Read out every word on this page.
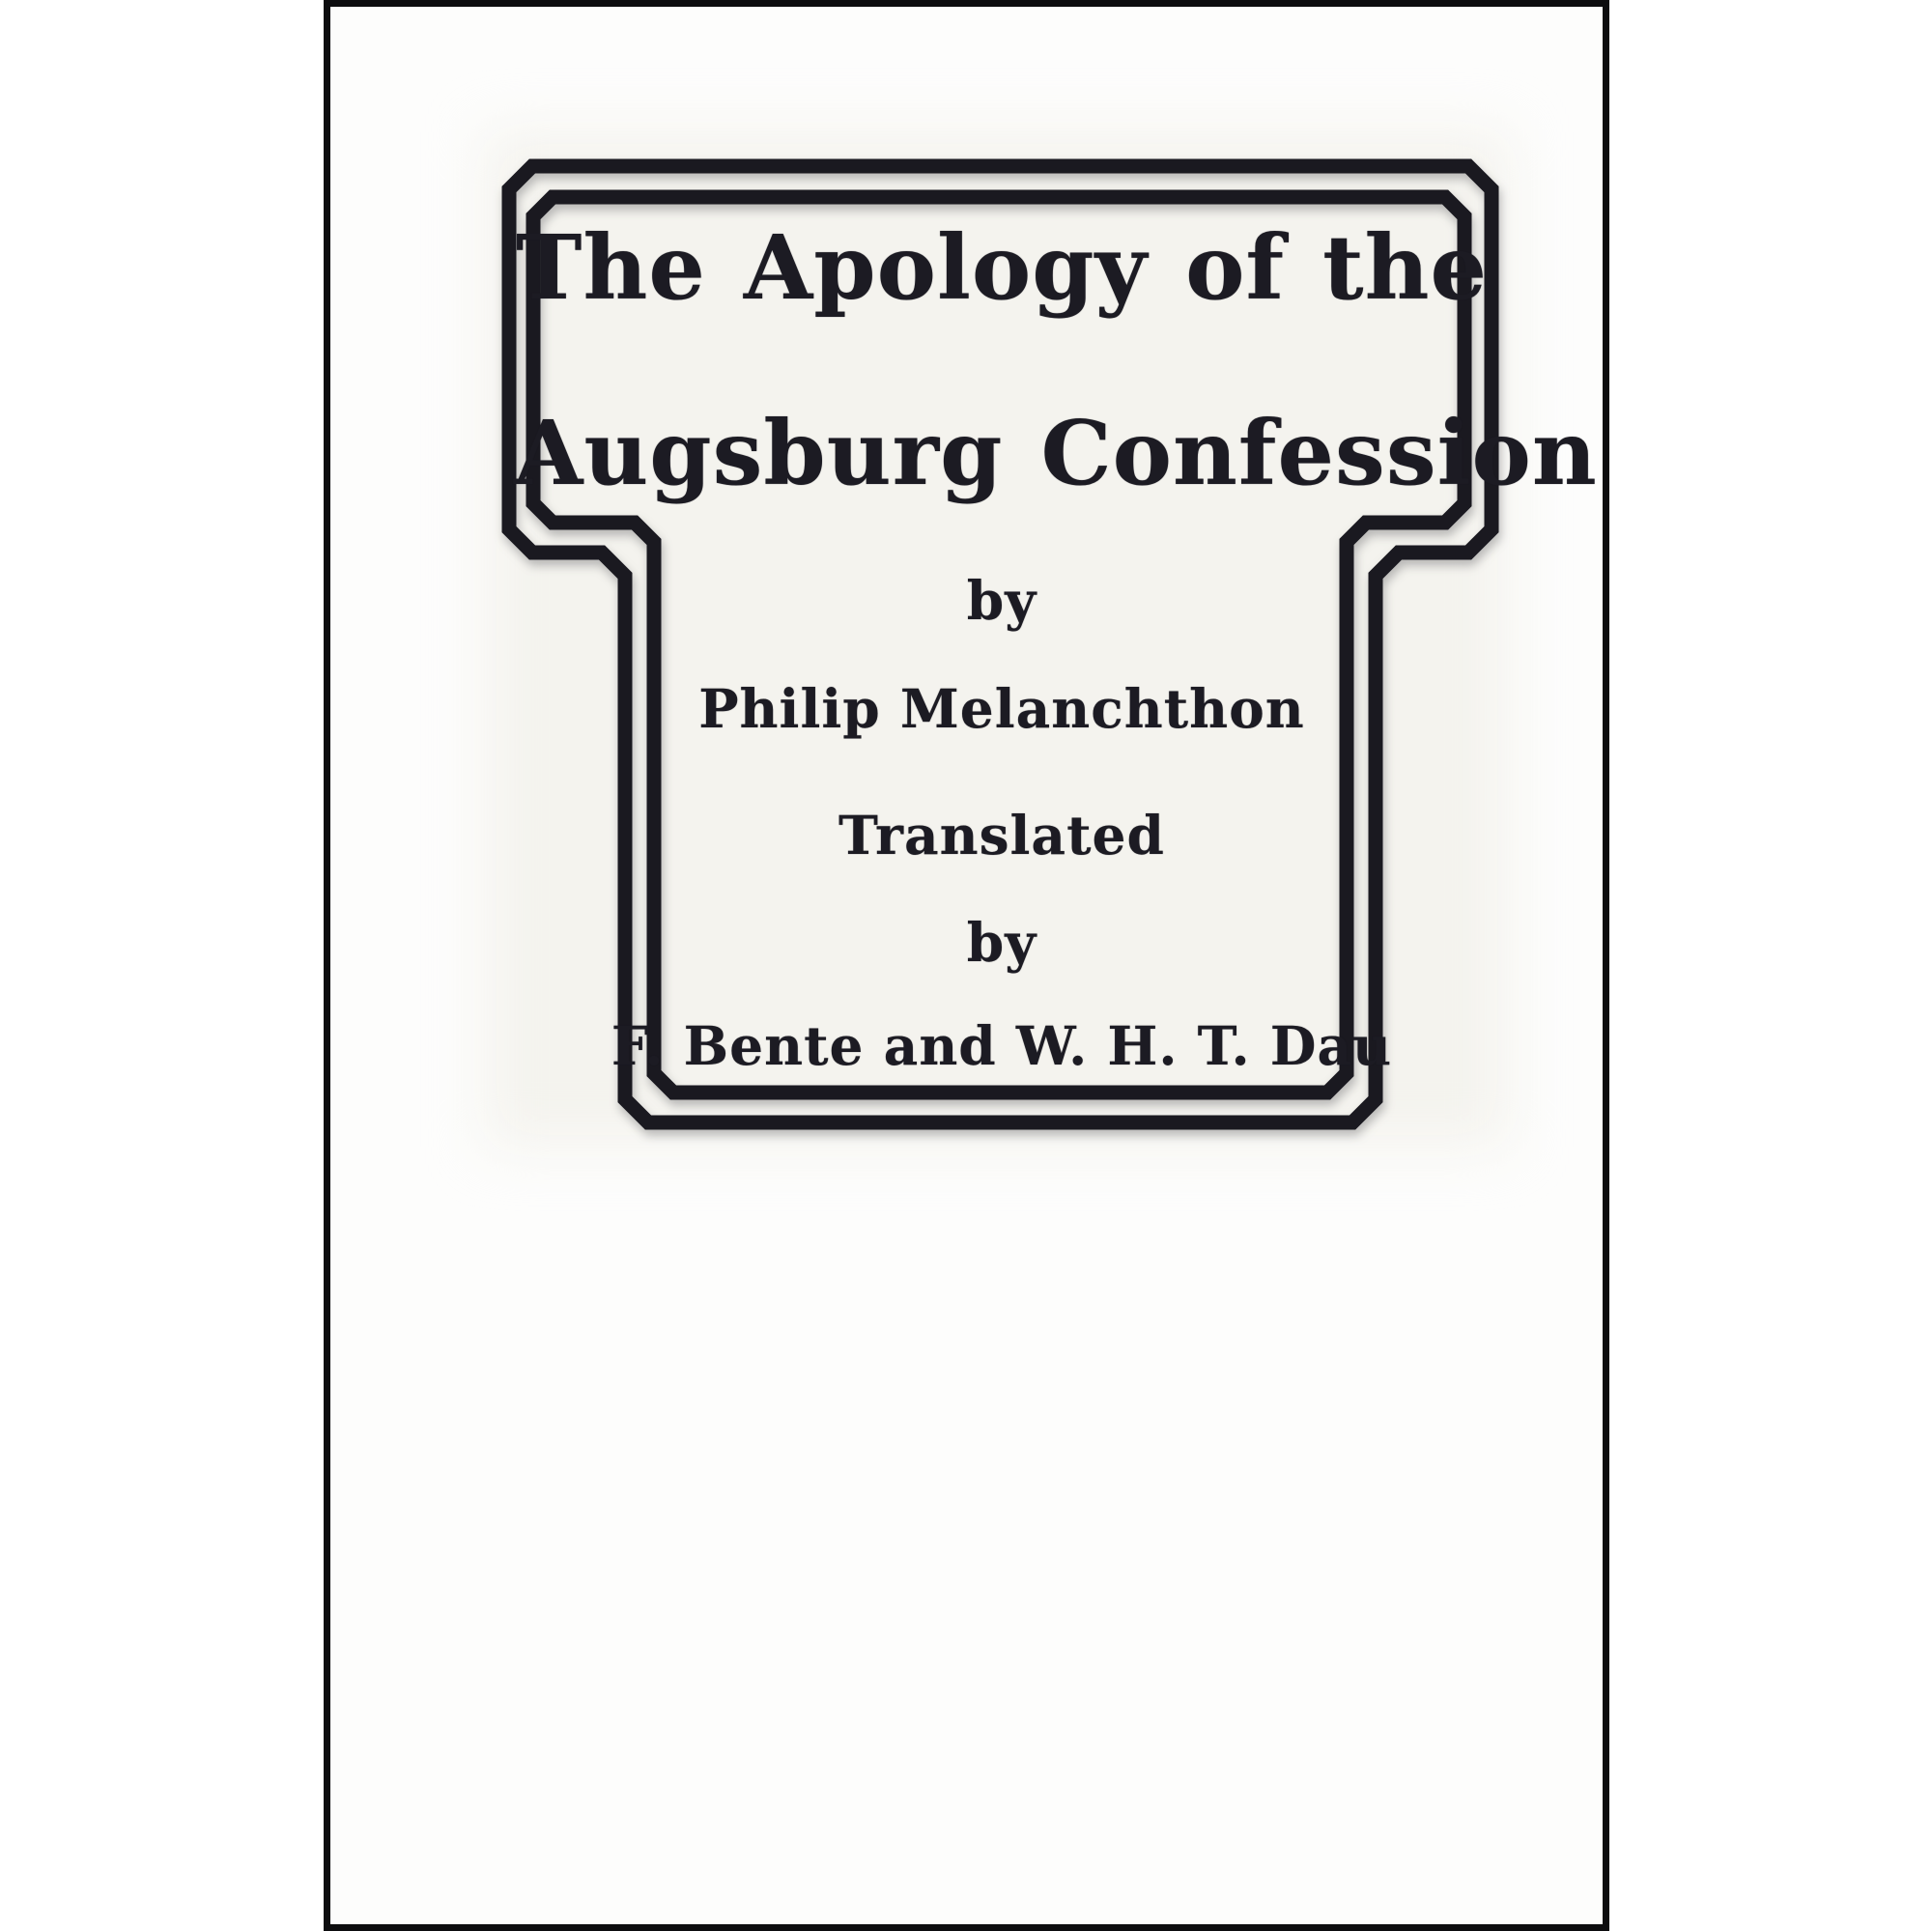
The Apology of the
Augsburg Confession
by
Philip Melanchthon
Translated
by
F. Bente and W. H. T. Dau
